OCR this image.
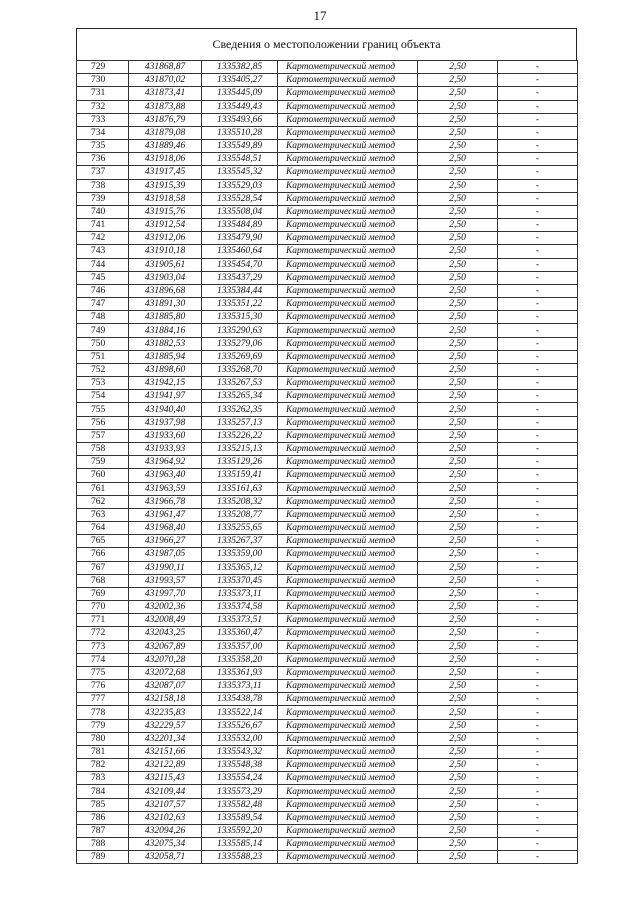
17
Сведения о местоположении границ объекта
729	431868,87	1335382,85	Картометрический метод	2,50	-
730	431870,02	1335405,27	Картометрический метод	2,50	-
731	431873,41	1335445,09	Картометрический метод	2,50	-
732	431873,88	1335449,43	Картометрический метод	2,50	-
733	431876,79	1335493,66	Картометрический метод	2,50	-
734	431879,08	1335510,28	Картометрический метод	2,50	-
735	431889,46	1335549,89	Картометрический метод	2,50	-
736	431918,06	1335548,51	Картометрический метод	2,50	-
737	431917,45	1335545,32	Картометрический метод	2,50	-
738	431915,39	1335529,03	Картометрический метод	2,50	-
739	431918,58	1335528,54	Картометрический метод	2,50	-
740	431915,76	1335508,04	Картометрический метод	2,50	-
741	431912,54	1335484,89	Картометрический метод	2,50	-
742	431912,06	1335479,90	Картометрический метод	2,50	-
743	431910,18	1335460,64	Картометрический метод	2,50	-
744	431905,61	1335454,70	Картометрический метод	2,50	-
745	431903,04	1335437,29	Картометрический метод	2,50	-
746	431896,68	1335384,44	Картометрический метод	2,50	-
747	431891,30	1335351,22	Картометрический метод	2,50	-
748	431885,80	1335315,30	Картометрический метод	2,50	-
749	431884,16	1335290,63	Картометрический метод	2,50	-
750	431882,53	1335279,06	Картометрический метод	2,50	-
751	431885,94	1335269,69	Картометрический метод	2,50	-
752	431898,60	1335268,70	Картометрический метод	2,50	-
753	431942,15	1335267,53	Картометрический метод	2,50	-
754	431941,97	1335265,34	Картометрический метод	2,50	-
755	431940,40	1335262,35	Картометрический метод	2,50	-
756	431937,98	1335257,13	Картометрический метод	2,50	-
757	431933,60	1335226,22	Картометрический метод	2,50	-
758	431933,93	1335215,13	Картометрический метод	2,50	-
759	431964,92	1335129,26	Картометрический метод	2,50	-
760	431963,40	1335159,41	Картометрический метод	2,50	-
761	431963,59	1335161,63	Картометрический метод	2,50	-
762	431966,78	1335208,32	Картометрический метод	2,50	-
763	431961,47	1335208,77	Картометрический метод	2,50	-
764	431968,40	1335255,65	Картометрический метод	2,50	-
765	431966,27	1335267,37	Картометрический метод	2,50	-
766	431987,05	1335359,00	Картометрический метод	2,50	-
767	431990,11	1335365,12	Картометрический метод	2,50	-
768	431993,57	1335370,45	Картометрический метод	2,50	-
769	431997,70	1335373,11	Картометрический метод	2,50	-
770	432002,36	1335374,58	Картометрический метод	2,50	-
771	432008,49	1335373,51	Картометрический метод	2,50	-
772	432043,25	1335360,47	Картометрический метод	2,50	-
773	432067,89	1335357,00	Картометрический метод	2,50	-
774	432070,28	1335358,20	Картометрический метод	2,50	-
775	432072,68	1335361,93	Картометрический метод	2,50	-
776	432087,07	1335373,11	Картометрический метод	2,50	-
777	432158,18	1335438,78	Картометрический метод	2,50	-
778	432235,83	1335522,14	Картометрический метод	2,50	-
779	432229,57	1335526,67	Картометрический метод	2,50	-
780	432201,34	1335532,00	Картометрический метод	2,50	-
781	432151,66	1335543,32	Картометрический метод	2,50	-
782	432122,89	1335548,38	Картометрический метод	2,50	-
783	432115,43	1335554,24	Картометрический метод	2,50	-
784	432109,44	1335573,29	Картометрический метод	2,50	-
785	432107,57	1335582,48	Картометрический метод	2,50	-
786	432102,63	1335589,54	Картометрический метод	2,50	-
787	432094,26	1335592,20	Картометрический метод	2,50	-
788	432075,34	1335585,14	Картометрический метод	2,50	-
789	432058,71	1335588,23	Картометрический метод	2,50	-
